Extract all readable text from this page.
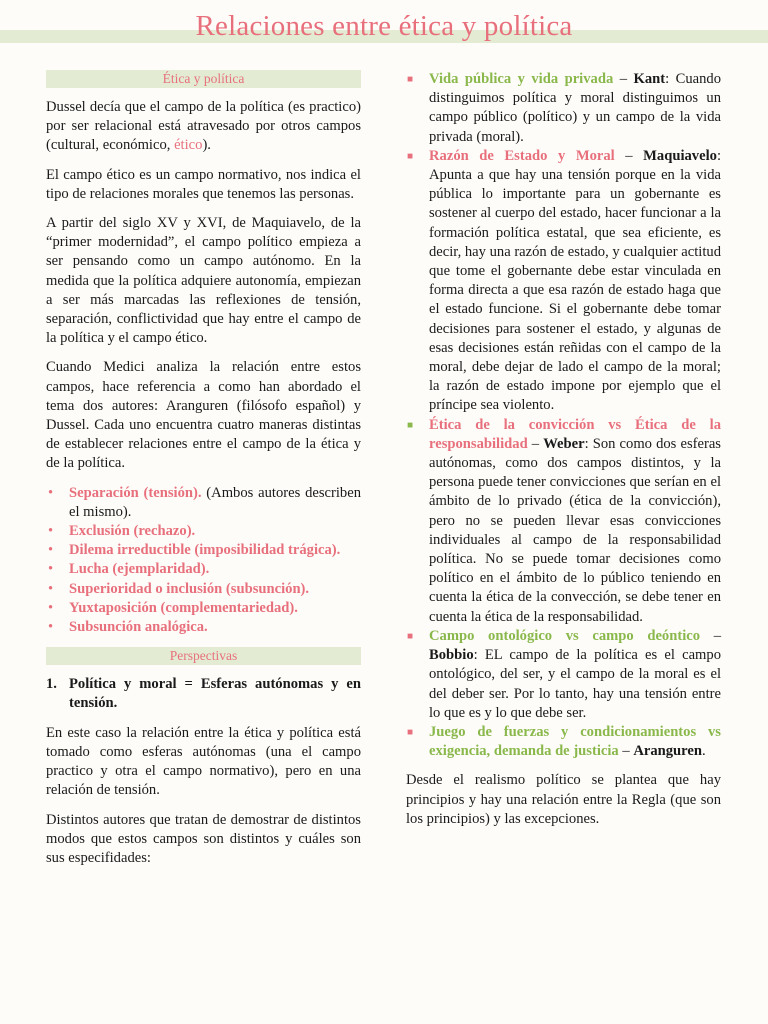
Relaciones entre ética y política
Ética y política

Dussel decía que el campo de la política (es practico) por ser relacional está atravesado por otros campos (cultural, económico, ético).

El campo ético es un campo normativo, nos indica el tipo de relaciones morales que tenemos las personas.

A partir del siglo XV y XVI, de Maquiavelo, de la “primer modernidad”, el campo político empieza a ser pensando como un campo autónomo. En la medida que la política adquiere autonomía, empiezan a ser más marcadas las reflexiones de tensión, separación, conflictividad que hay entre el campo de la política y el campo ético.

Cuando Medici analiza la relación entre estos campos, hace referencia a como han abordado el tema dos autores: Aranguren (filósofo español) y Dussel. Cada uno encuentra cuatro maneras distintas de establecer relaciones entre el campo de la ética y de la política.

• Separación (tensión). (Ambos autores describen el mismo).
• Exclusión (rechazo).
• Dilema irreductible (imposibilidad trágica).
• Lucha (ejemplaridad).
• Superioridad o inclusión (subsunción).
• Yuxtaposición (complementariedad).
• Subsunción analógica.
Perspectivas
1. Política y moral = Esferas autónomas y en tensión.

En este caso la relación entre la ética y política está tomado como esferas autónomas (una el campo practico y otra el campo normativo), pero en una relación de tensión.

Distintos autores que tratan de demostrar de distintos modos que estos campos son distintos y cuáles son sus especifidades:

■ Vida pública y vida privada – Kant: Cuando distinguimos política y moral distinguimos un campo público (político) y un campo de la vida privada (moral).
■ Razón de Estado y Moral – Maquiavelo: Apunta a que hay una tensión porque en la vida pública lo importante para un gobernante es sostener al cuerpo del estado, hacer funcionar a la formación política estatal, que sea eficiente, es decir, hay una razón de estado, y cualquier actitud que tome el gobernante debe estar vinculada en forma directa a que esa razón de estado haga que el estado funcione. Si el gobernante debe tomar decisiones para sostener el estado, y algunas de esas decisiones están reñidas con el campo de la moral, debe dejar de lado el campo de la moral; la razón de estado impone por ejemplo que el príncipe sea violento.
■ Ética de la convicción vs Ética de la responsabilidad – Weber: Son como dos esferas autónomas, como dos campos distintos, y la persona puede tener convicciones que serían en el ámbito de lo privado (ética de la convicción), pero no se pueden llevar esas convicciones individuales al campo de la responsabilidad política. No se puede tomar decisiones como político en el ámbito de lo público teniendo en cuenta la ética de la convección, se debe tener en cuenta la ética de la responsabilidad.
■ Campo ontológico vs campo deóntico – Bobbio: EL campo de la política es el campo ontológico, del ser, y el campo de la moral es el del deber ser. Por lo tanto, hay una tensión entre lo que es y lo que debe ser.
■ Juego de fuerzas y condicionamientos vs exigencia, demanda de justicia – Aranguren.

Desde el realismo político se plantea que hay principios y hay una relación entre la Regla (que son los principios) y las excepciones.
